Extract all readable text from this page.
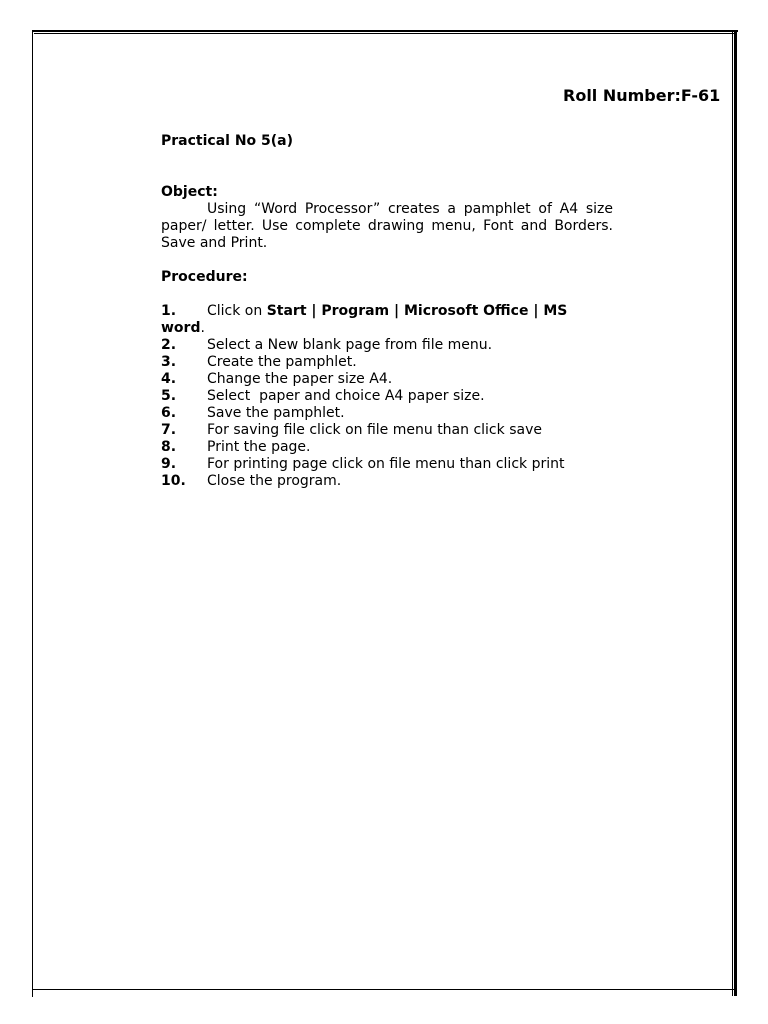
Roll Number:F-61

Practical No 5(a)

Object:

Using “Word Processor” creates a pamphlet of A4 size paper/ letter. Use complete drawing menu, Font and Borders. Save and Print.

Procedure:

1. Click on Start | Program | Microsoft Office | MS word.

2. Select a New blank page from file menu.

3. Create the pamphlet.

4. Change the paper size A4.

5. Select  paper and choice A4 paper size.

6. Save the pamphlet.

7. For saving file click on file menu than click save

8. Print the page.

9. For printing page click on file menu than click print

10. Close the program.
